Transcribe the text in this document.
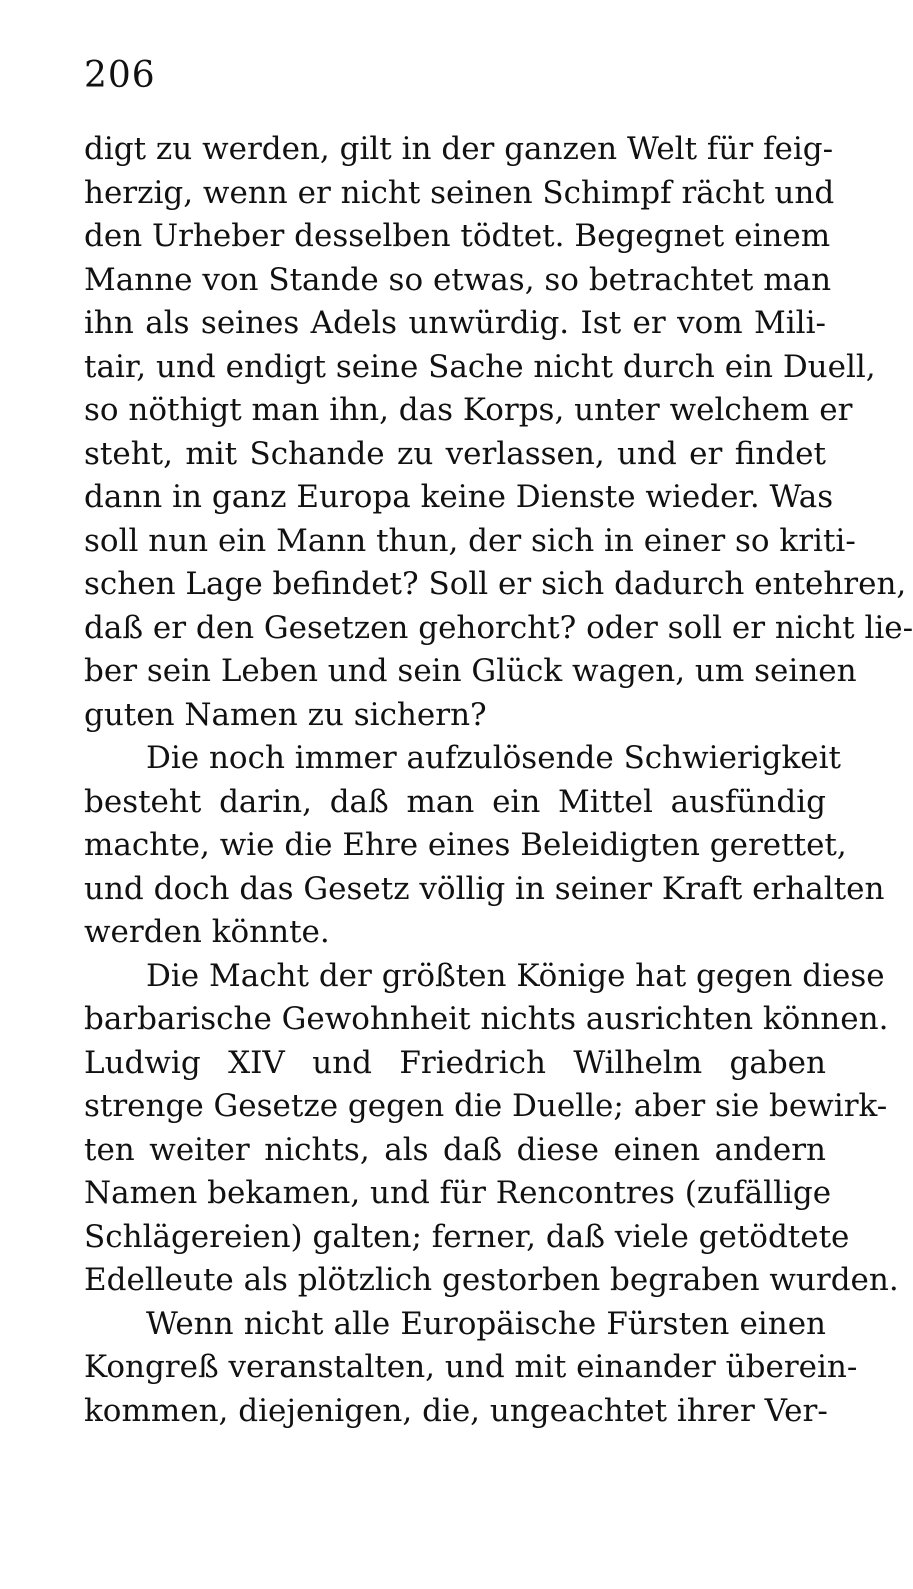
206
digt zu werden, gilt in der ganzen Welt für feig-
herzig, wenn er nicht seinen Schimpf rächt und
den Urheber desselben tödtet. Begegnet einem
Manne von Stande so etwas, so betrachtet man
ihn als seines Adels unwürdig. Ist er vom Mili-
tair, und endigt seine Sache nicht durch ein Duell,
so nöthigt man ihn, das Korps, unter welchem er
steht, mit Schande zu verlassen, und er findet
dann in ganz Europa keine Dienste wieder. Was
soll nun ein Mann thun, der sich in einer so kriti-
schen Lage befindet? Soll er sich dadurch entehren,
daß er den Gesetzen gehorcht? oder soll er nicht lie-
ber sein Leben und sein Glück wagen, um seinen
guten Namen zu sichern?
Die noch immer aufzulösende Schwierigkeit
besteht darin, daß man ein Mittel ausfündig
machte, wie die Ehre eines Beleidigten gerettet,
und doch das Gesetz völlig in seiner Kraft erhalten
werden könnte.
Die Macht der größten Könige hat gegen diese
barbarische Gewohnheit nichts ausrichten können.
Ludwig XIV und Friedrich Wilhelm gaben
strenge Gesetze gegen die Duelle; aber sie bewirk-
ten weiter nichts, als daß diese einen andern
Namen bekamen, und für Rencontres (zufällige
Schlägereien) galten; ferner, daß viele getödtete
Edelleute als plötzlich gestorben begraben wurden.
Wenn nicht alle Europäische Fürsten einen
Kongreß veranstalten, und mit einander überein-
kommen, diejenigen, die, ungeachtet ihrer Ver-
